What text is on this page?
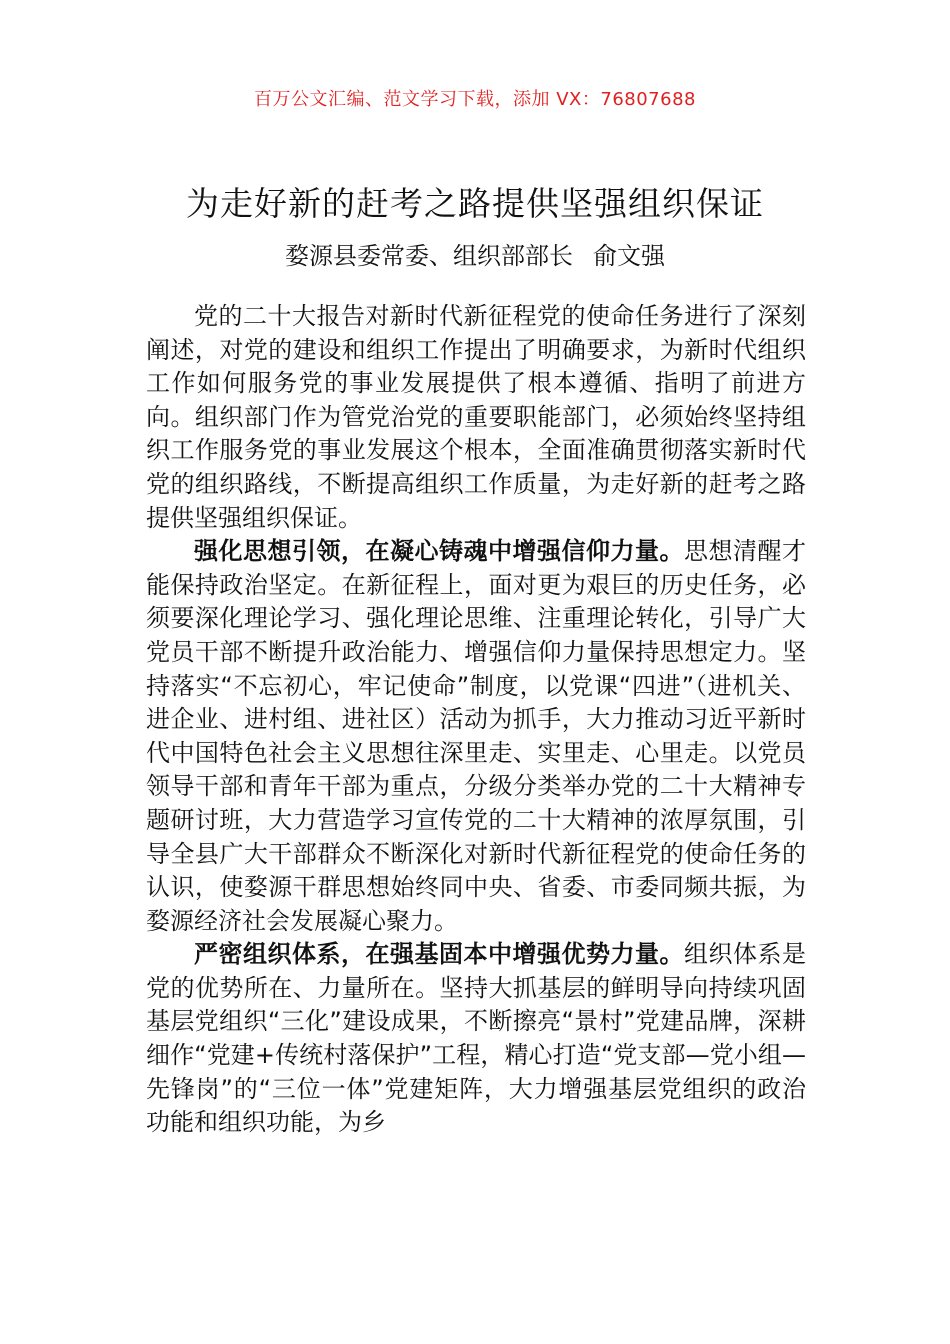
百万公文汇编、范文学习下载，添加 VX：76807688
为走好新的赶考之路提供坚强组织保证
婺源县委常委、组织部部长 俞文强

党的二十大报告对新时代新征程党的使命任务进行了深刻阐述，对党的建设和组织工作提出了明确要求，为新时代组织工作如何服务党的事业发展提供了根本遵循、指明了前进方向。组织部门作为管党治党的重要职能部门，必须始终坚持组织工作服务党的事业发展这个根本，全面准确贯彻落实新时代党的组织路线，不断提高组织工作质量，为走好新的赶考之路提供坚强组织保证。

强化思想引领，在凝心铸魂中增强信仰力量。思想清醒才能保持政治坚定。在新征程上，面对更为艰巨的历史任务，必须要深化理论学习、强化理论思维、注重理论转化，引导广大党员干部不断提升政治能力、增强信仰力量保持思想定力。坚持落实“不忘初心，牢记使命”制度，以党课“四进”（进机关、进企业、进村组、进社区）活动为抓手，大力推动习近平新时代中国特色社会主义思想往深里走、实里走、心里走。以党员领导干部和青年干部为重点，分级分类举办党的二十大精神专题研讨班，大力营造学习宣传党的二十大精神的浓厚氛围，引导全县广大干部群众不断深化对新时代新征程党的使命任务的认识，使婺源干群思想始终同中央、省委、市委同频共振，为婺源经济社会发展凝心聚力。

严密组织体系，在强基固本中增强优势力量。组织体系是党的优势所在、力量所在。坚持大抓基层的鲜明导向持续巩固基层党组织“三化”建设成果，不断擦亮“景村”党建品牌，深耕细作“党建+传统村落保护”工程，精心打造“党支部—党小组—先锋岗”的“三位一体”党建矩阵，大力增强基层党组织的政治功能和组织功能，为乡
